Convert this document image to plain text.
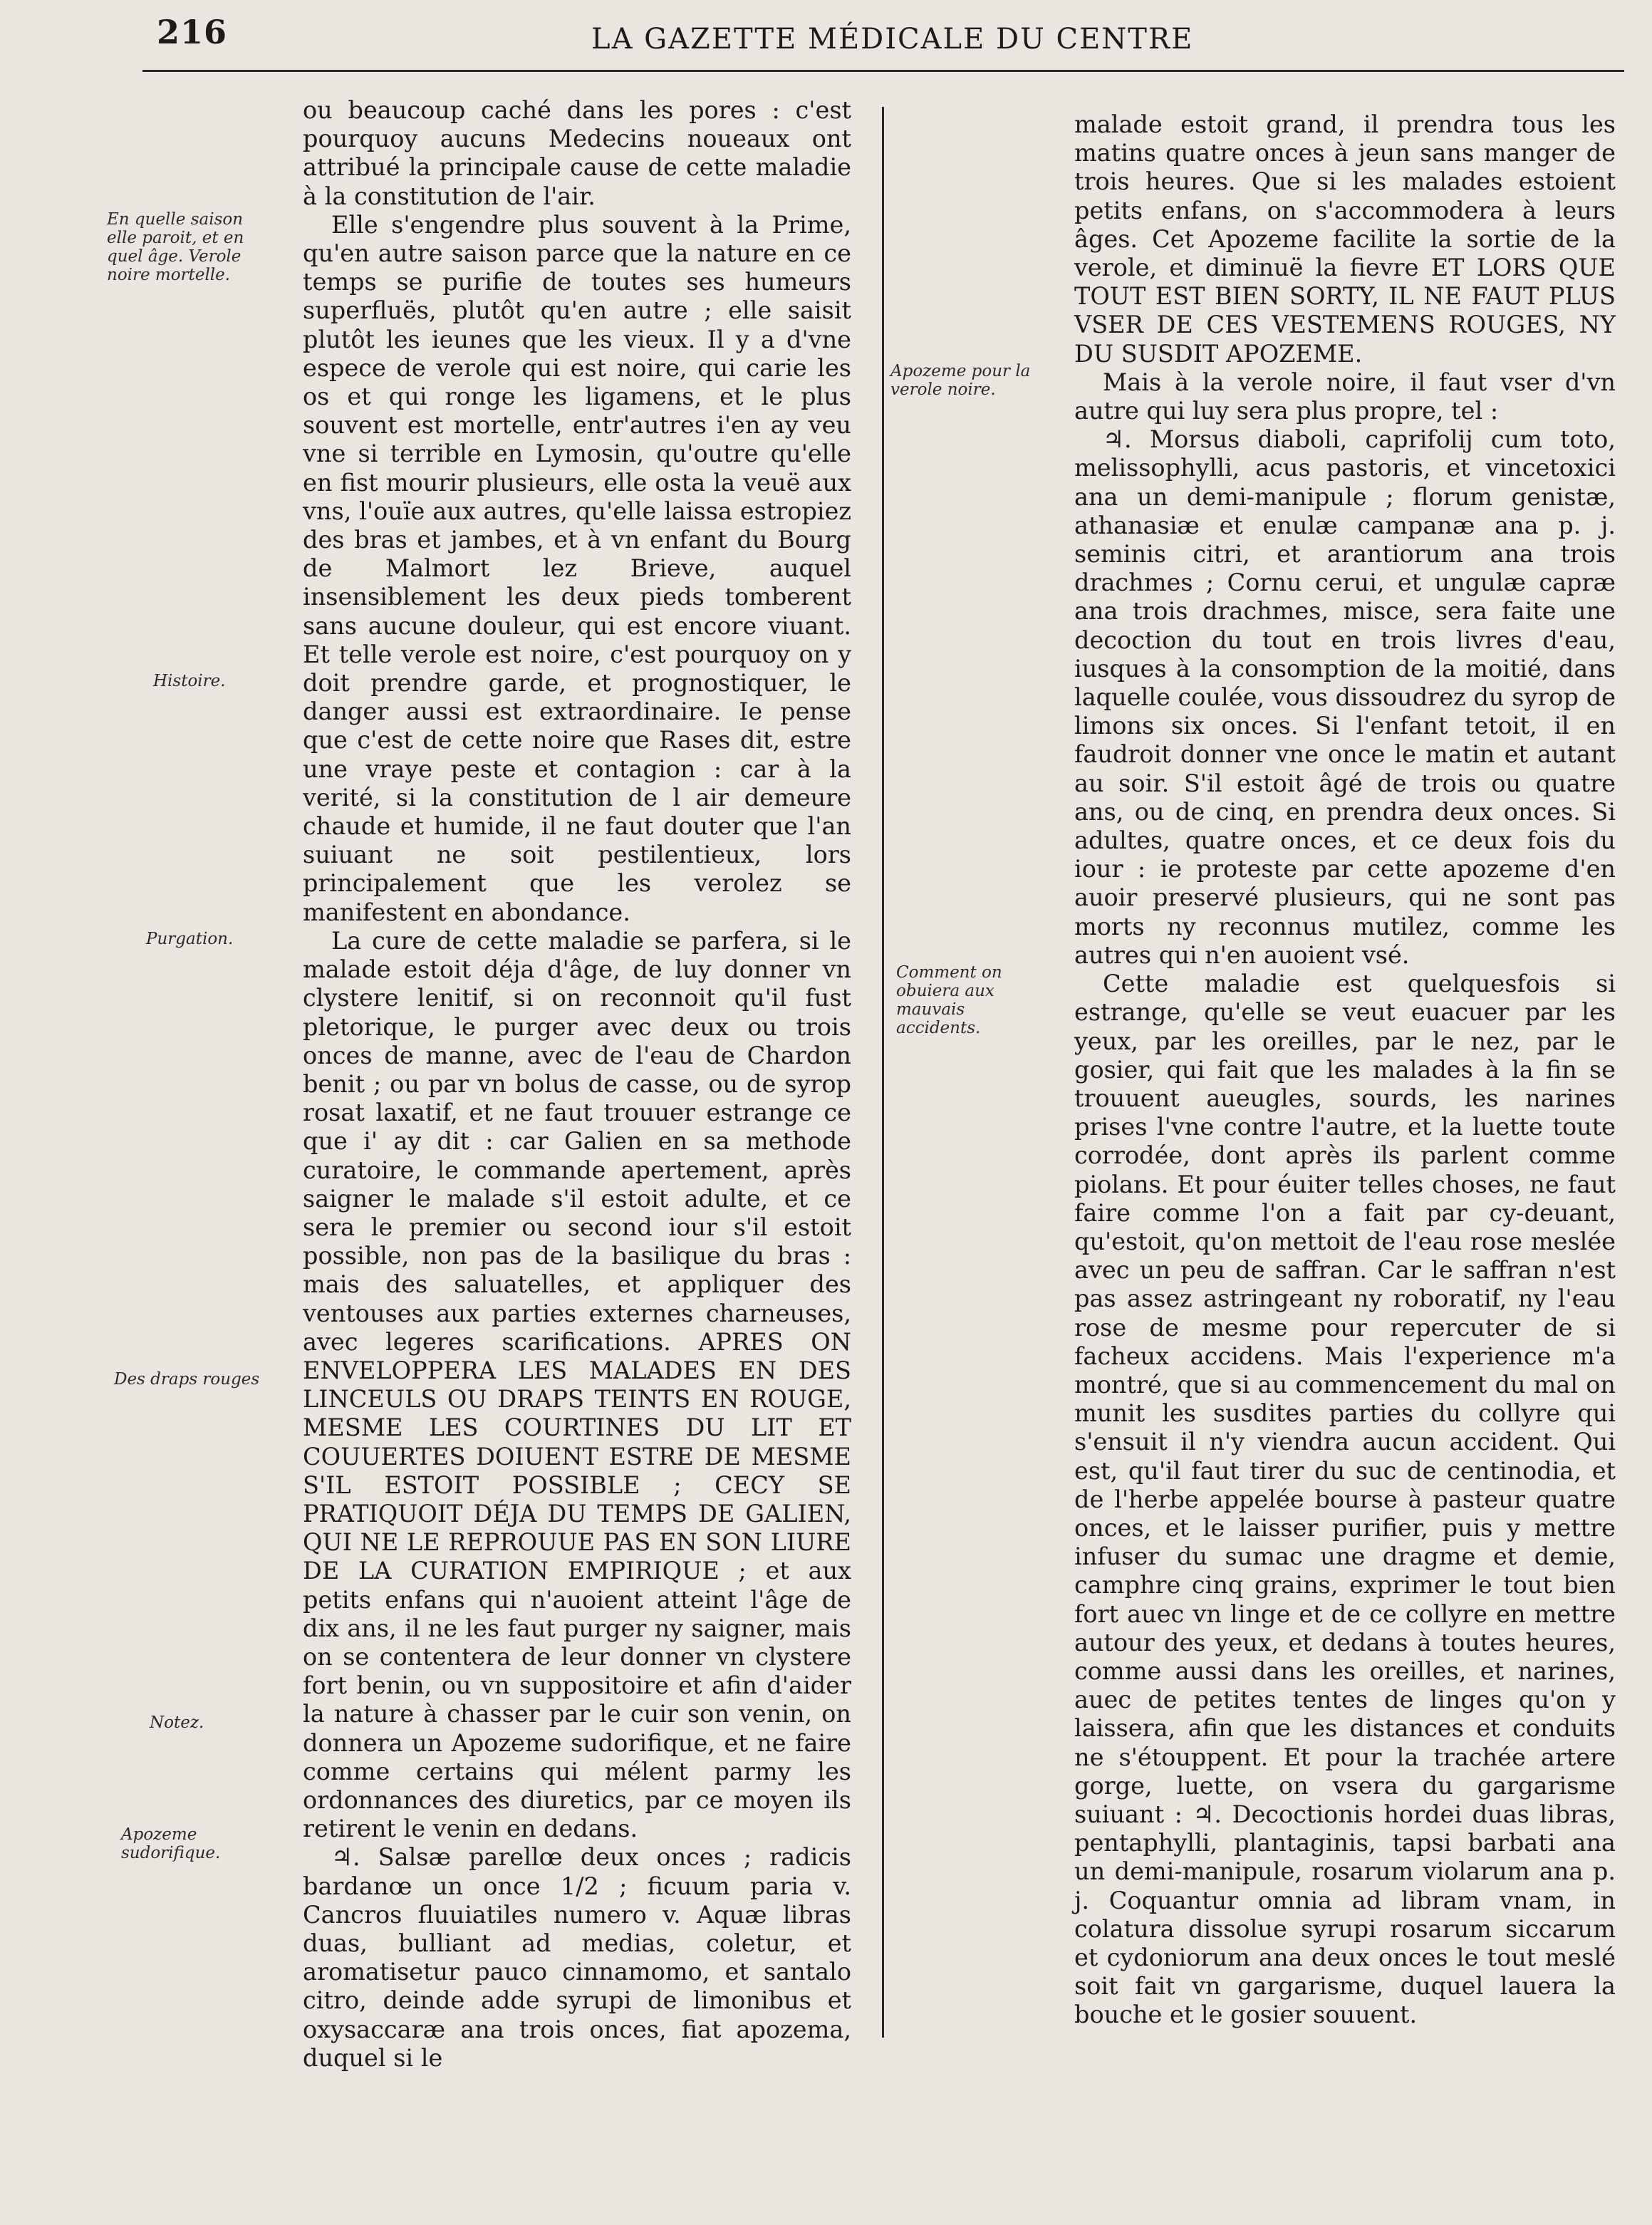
216	LA GAZETTE MÉDICALE DU CENTRE
En quelle saison elle paroit, et en quel âge. Verole noire mortelle.
Histoire.
Purgation.
Des draps rouges
Notez.
Apozeme sudorifique.
Apozeme pour la verole noire.
Comment on obuiera aux mauvais accidents.

ou beaucoup caché dans les pores : c'est pourquoy aucuns Medecins noueaux ont attribué la principale cause de cette maladie à la constitution de l'air.

Elle s'engendre plus souvent à la Prime, qu'en autre saison parce que la nature en ce temps se purifie de toutes ses humeurs superfluës, plutôt qu'en autre ; elle saisit plutôt les ieunes que les vieux. Il y a d'vne espece de verole qui est noire, qui carie les os et qui ronge les ligamens, et le plus souvent est mortelle, entr'autres i'en ay veu vne si terrible en Lymosin, qu'outre qu'elle en fist mourir plusieurs, elle osta la veuë aux vns, l'ouïe aux autres, qu'elle laissa estropiez des bras et jambes, et à vn enfant du Bourg de Malmort lez Brieve, auquel insensiblement les deux pieds tomberent sans aucune douleur, qui est encore viuant. Et telle verole est noire, c'est pourquoy on y doit prendre garde, et prognostiquer, le danger aussi est extraordinaire. Ie pense que c'est de cette noire que Rases dit, estre une vraye peste et contagion : car à la verité, si la constitution de l air demeure chaude et humide, il ne faut douter que l'an suiuant ne soit pestilentieux, lors principalement que les verolez se manifestent en abondance.

La cure de cette maladie se parfera, si le malade estoit déja d'âge, de luy donner vn clystere lenitif, si on reconnoit qu'il fust pletorique, le purger avec deux ou trois onces de manne, avec de l'eau de Chardon benit ; ou par vn bolus de casse, ou de syrop rosat laxatif, et ne faut trouuer estrange ce que i' ay dit : car Galien en sa methode curatoire, le commande apertement, après saigner le malade s'il estoit adulte, et ce sera le premier ou second iour s'il estoit possible, non pas de la basilique du bras : mais des saluatelles, et appliquer des ventouses aux parties externes charneuses, avec legeres scarifications. APRES ON ENVELOPPERA LES MALADES EN DES LINCEULS OU DRAPS TEINTS EN ROUGE, MESME LES COURTINES DU LIT ET COUUERTES DOIUENT ESTRE DE MESME S'IL ESTOIT POSSIBLE ; CECY SE PRATIQUOIT DÉJA DU TEMPS DE GALIEN, QUI NE LE REPROUUE PAS EN SON LIURE DE LA CURATION EMPIRIQUE ; et aux petits enfans qui n'auoient atteint l'âge de dix ans, il ne les faut purger ny saigner, mais on se contentera de leur donner vn clystere fort benin, ou vn suppositoire et afin d'aider la nature à chasser par le cuir son venin, on donnera un Apozeme sudorifique, et ne faire comme certains qui mélent parmy les ordonnances des diuretics, par ce moyen ils retirent le venin en dedans.

♃. Salsæ parellœ deux onces ; radicis bardanœ un once 1/2 ; ficuum paria v. Cancros fluuiatiles numero v. Aquæ libras duas, bulliant ad medias, coletur, et aromatisetur pauco cinnamomo, et santalo citro, deinde adde syrupi de limonibus et oxysaccaræ ana trois onces, fiat apozema, duquel si le

malade estoit grand, il prendra tous les matins quatre onces à jeun sans manger de trois heures. Que si les malades estoient petits enfans, on s'accommodera à leurs âges. Cet Apozeme facilite la sortie de la verole, et diminuë la fievre ET LORS QUE TOUT EST BIEN SORTY, IL NE FAUT PLUS VSER DE CES VESTEMENS ROUGES, NY DU SUSDIT APOZEME.

Mais à la verole noire, il faut vser d'vn autre qui luy sera plus propre, tel :

♃. Morsus diaboli, caprifolij cum toto, melissophylli, acus pastoris, et vincetoxici ana un demi-manipule ; florum genistæ, athanasiæ et enulæ campanæ ana p. j. seminis citri, et arantiorum ana trois drachmes ; Cornu cerui, et ungulæ capræ ana trois drachmes, misce, sera faite une decoction du tout en trois livres d'eau, iusques à la consomption de la moitié, dans laquelle coulée, vous dissoudrez du syrop de limons six onces. Si l'enfant tetoit, il en faudroit donner vne once le matin et autant au soir. S'il estoit âgé de trois ou quatre ans, ou de cinq, en prendra deux onces. Si adultes, quatre onces, et ce deux fois du iour : ie proteste par cette apozeme d'en auoir preservé plusieurs, qui ne sont pas morts ny reconnus mutilez, comme les autres qui n'en auoient vsé.

Cette maladie est quelquesfois si estrange, qu'elle se veut euacuer par les yeux, par les oreilles, par le nez, par le gosier, qui fait que les malades à la fin se trouuent aueugles, sourds, les narines prises l'vne contre l'autre, et la luette toute corrodée, dont après ils parlent comme piolans. Et pour éuiter telles choses, ne faut faire comme l'on a fait par cy-deuant, qu'estoit, qu'on mettoit de l'eau rose meslée avec un peu de saffran. Car le saffran n'est pas assez astringeant ny roboratif, ny l'eau rose de mesme pour repercuter de si facheux accidens. Mais l'experience m'a montré, que si au commencement du mal on munit les susdites parties du collyre qui s'ensuit il n'y viendra aucun accident. Qui est, qu'il faut tirer du suc de centinodia, et de l'herbe appelée bourse à pasteur quatre onces, et le laisser purifier, puis y mettre infuser du sumac une dragme et demie, camphre cinq grains, exprimer le tout bien fort auec vn linge et de ce collyre en mettre autour des yeux, et dedans à toutes heures, comme aussi dans les oreilles, et narines, auec de petites tentes de linges qu'on y laissera, afin que les distances et conduits ne s'étouppent. Et pour la trachée artere gorge, luette, on vsera du gargarisme suiuant : ♃. Decoctionis hordei duas libras, pentaphylli, plantaginis, tapsi barbati ana un demi-manipule, rosarum violarum ana p. j. Coquantur omnia ad libram vnam, in colatura dissolue syrupi rosarum siccarum et cydoniorum ana deux onces le tout meslé soit fait vn gargarisme, duquel lauera la bouche et le gosier souuent.
